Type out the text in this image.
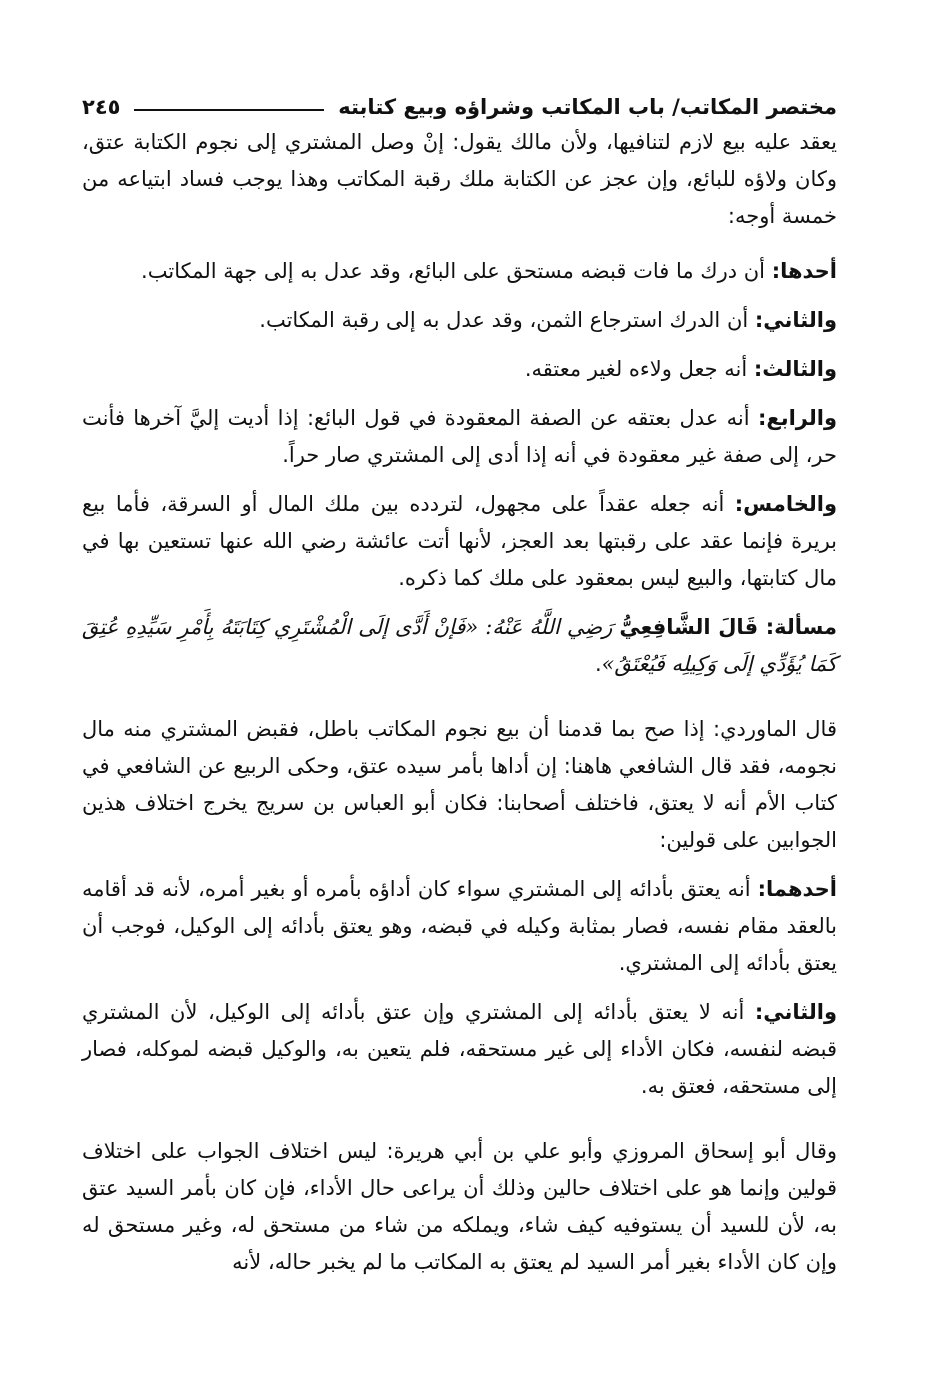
مختصر المكاتب/ باب المكاتب وشراؤه وبيع كتابته
٢٤٥

يعقد عليه بيع لازم لتنافيها، ولأن مالك يقول: إنْ وصل المشتري إلى نجوم الكتابة عتق، وكان ولاؤه للبائع، وإن عجز عن الكتابة ملك رقبة المكاتب وهذا يوجب فساد ابتياعه من خمسة أوجه:

أحدها: أن درك ما فات قبضه مستحق على البائع، وقد عدل به إلى جهة المكاتب.

والثاني: أن الدرك استرجاع الثمن، وقد عدل به إلى رقبة المكاتب.

والثالث: أنه جعل ولاءه لغير معتقه.

والرابع: أنه عدل بعتقه عن الصفة المعقودة في قول البائع: إذا أديت إليَّ آخرها فأنت حر، إلى صفة غير معقودة في أنه إذا أدى إلى المشتري صار حراً.

والخامس: أنه جعله عقداً على مجهول، لتردده بين ملك المال أو السرقة، فأما بيع بريرة فإنما عقد على رقبتها بعد العجز، لأنها أتت عائشة رضي الله عنها تستعين بها في مال كتابتها، والبيع ليس بمعقود على ملك كما ذكره.

مسألة: قَالَ الشَّافِعِيُّ رَضِي اللَّهُ عَنْهُ: «فَإنْ أَدَّى إلَى الْمُشْتَرِي كِتَابَتَهُ بِأَمْرِ سَيِّدِهِ عُتِقَ كَمَا يُؤَدِّي إلَى وَكِيلِه فَيُعْتَقُ».

قال الماوردي: إذا صح بما قدمنا أن بيع نجوم المكاتب باطل، فقبض المشتري منه مال نجومه، فقد قال الشافعي هاهنا: إن أداها بأمر سيده عتق، وحكى الربيع عن الشافعي في كتاب الأم أنه لا يعتق، فاختلف أصحابنا: فكان أبو العباس بن سريج يخرج اختلاف هذين الجوابين على قولين:

أحدهما: أنه يعتق بأدائه إلى المشتري سواء كان أداؤه بأمره أو بغير أمره، لأنه قد أقامه بالعقد مقام نفسه، فصار بمثابة وكيله في قبضه، وهو يعتق بأدائه إلى الوكيل، فوجب أن يعتق بأدائه إلى المشتري.

والثاني: أنه لا يعتق بأدائه إلى المشتري وإن عتق بأدائه إلى الوكيل، لأن المشتري قبضه لنفسه، فكان الأداء إلى غير مستحقه، فلم يتعين به، والوكيل قبضه لموكله، فصار إلى مستحقه، فعتق به.

وقال أبو إسحاق المروزي وأبو علي بن أبي هريرة: ليس اختلاف الجواب على اختلاف قولين وإنما هو على اختلاف حالين وذلك أن يراعى حال الأداء، فإن كان بأمر السيد عتق به، لأن للسيد أن يستوفيه كيف شاء، ويملكه من شاء من مستحق له، وغير مستحق له وإن كان الأداء بغير أمر السيد لم يعتق به المكاتب ما لم يخبر حاله، لأنه
